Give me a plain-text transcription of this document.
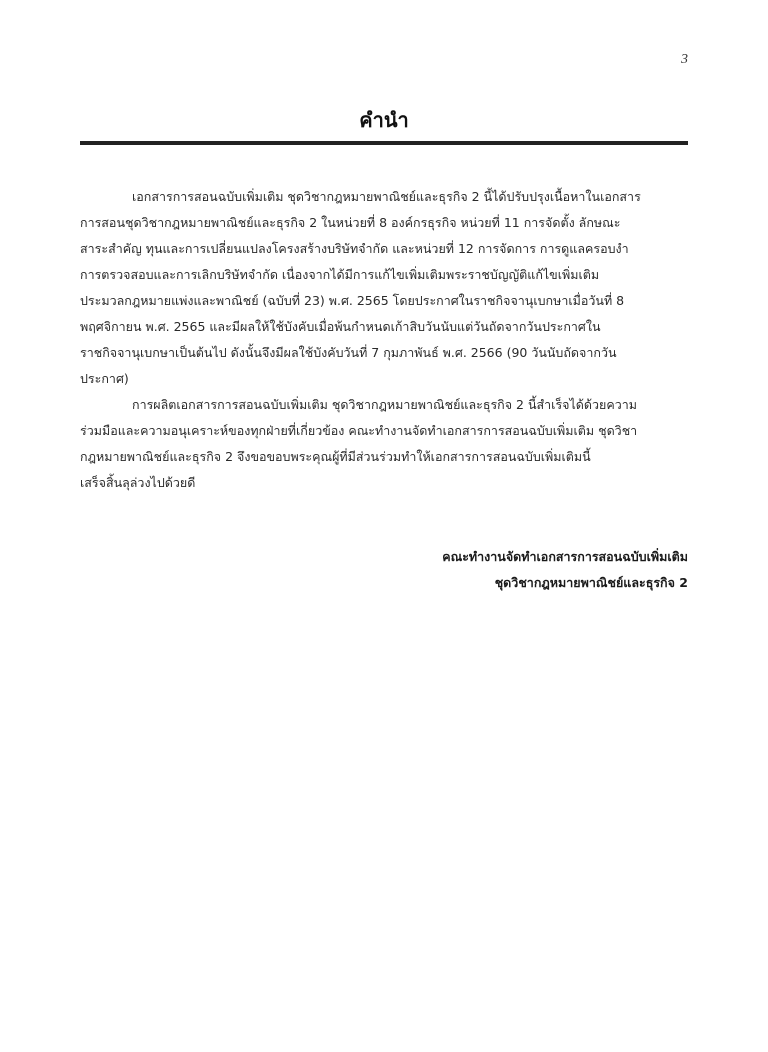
3
คำนำ

เอกสารการสอนฉบับเพิ่มเติม ชุดวิชากฎหมายพาณิชย์และธุรกิจ 2 นี้ได้ปรับปรุงเนื้อหาในเอกสาร
การสอนชุดวิชากฎหมายพาณิชย์และธุรกิจ 2 ในหน่วยที่ 8 องค์กรธุรกิจ หน่วยที่ 11 การจัดตั้ง ลักษณะ
สาระสำคัญ ทุนและการเปลี่ยนแปลงโครงสร้างบริษัทจำกัด และหน่วยที่ 12 การจัดการ การดูแลครอบงำ
การตรวจสอบและการเลิกบริษัทจำกัด เนื่องจากได้มีการแก้ไขเพิ่มเติมพระราชบัญญัติแก้ไขเพิ่มเติม
ประมวลกฎหมายแพ่งและพาณิชย์ (ฉบับที่ 23) พ.ศ. 2565 โดยประกาศในราชกิจจานุเบกษาเมื่อวันที่ 8
พฤศจิกายน พ.ศ. 2565 และมีผลให้ใช้บังคับเมื่อพ้นกำหนดเก้าสิบวันนับแต่วันถัดจากวันประกาศใน
ราชกิจจานุเบกษาเป็นต้นไป ดังนั้นจึงมีผลใช้บังคับวันที่ 7 กุมภาพันธ์ พ.ศ. 2566 (90 วันนับถัดจากวัน
ประกาศ)

การผลิตเอกสารการสอนฉบับเพิ่มเติม ชุดวิชากฎหมายพาณิชย์และธุรกิจ 2 นี้สำเร็จได้ด้วยความ
ร่วมมือและความอนุเคราะห์ของทุกฝ่ายที่เกี่ยวข้อง คณะทำงานจัดทำเอกสารการสอนฉบับเพิ่มเติม ชุดวิชา
กฎหมายพาณิชย์และธุรกิจ 2 จึงขอขอบพระคุณผู้ที่มีส่วนร่วมทำให้เอกสารการสอนฉบับเพิ่มเติมนี้
เสร็จสิ้นลุล่วงไปด้วยดี

คณะทำงานจัดทำเอกสารการสอนฉบับเพิ่มเติม
ชุดวิชากฎหมายพาณิชย์และธุรกิจ 2
